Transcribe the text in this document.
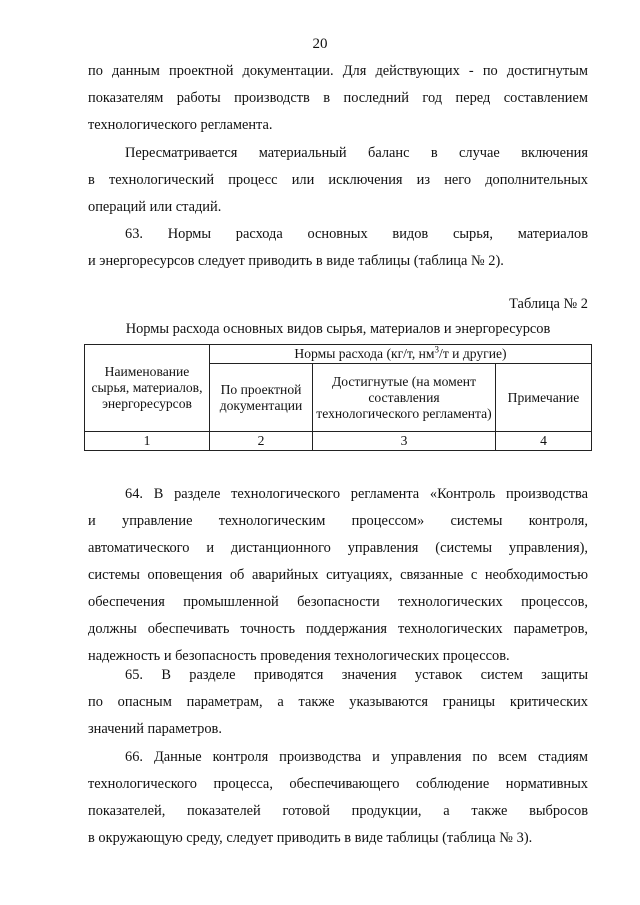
20
по данным проектной документации. Для действующих - по достигнутым
показателям работы производств в последний год перед составлением
технологического регламента.
Пересматривается материальный баланс в случае включения
в технологический процесс или исключения из него дополнительных
операций или стадий.
63. Нормы расхода основных видов сырья, материалов
и энергоресурсов следует приводить в виде таблицы (таблица № 2).
Таблица № 2
Нормы расхода основных видов сырья, материалов и энергоресурсов
Наименование сырья, материалов, энергоресурсов	Нормы расхода (кг/т, $нм^3/т$ и другие)		
	По проектной документации	Достигнутые (на момент составления технологического регламента)	Примечание
1	2	3	4
64. В разделе технологического регламента «Контроль производства
и управление технологическим процессом» системы контроля,
автоматического и дистанционного управления (системы управления),
системы оповещения об аварийных ситуациях, связанные с необходимостью
обеспечения промышленной безопасности технологических процессов,
должны обеспечивать точность поддержания технологических параметров,
надежность и безопасность проведения технологических процессов.
65. В разделе приводятся значения уставок систем защиты
по опасным параметрам, а также указываются границы критических
значений параметров.
66. Данные контроля производства и управления по всем стадиям
технологического процесса, обеспечивающего соблюдение нормативных
показателей, показателей готовой продукции, а также выбросов
в окружающую среду, следует приводить в виде таблицы (таблица № 3).
